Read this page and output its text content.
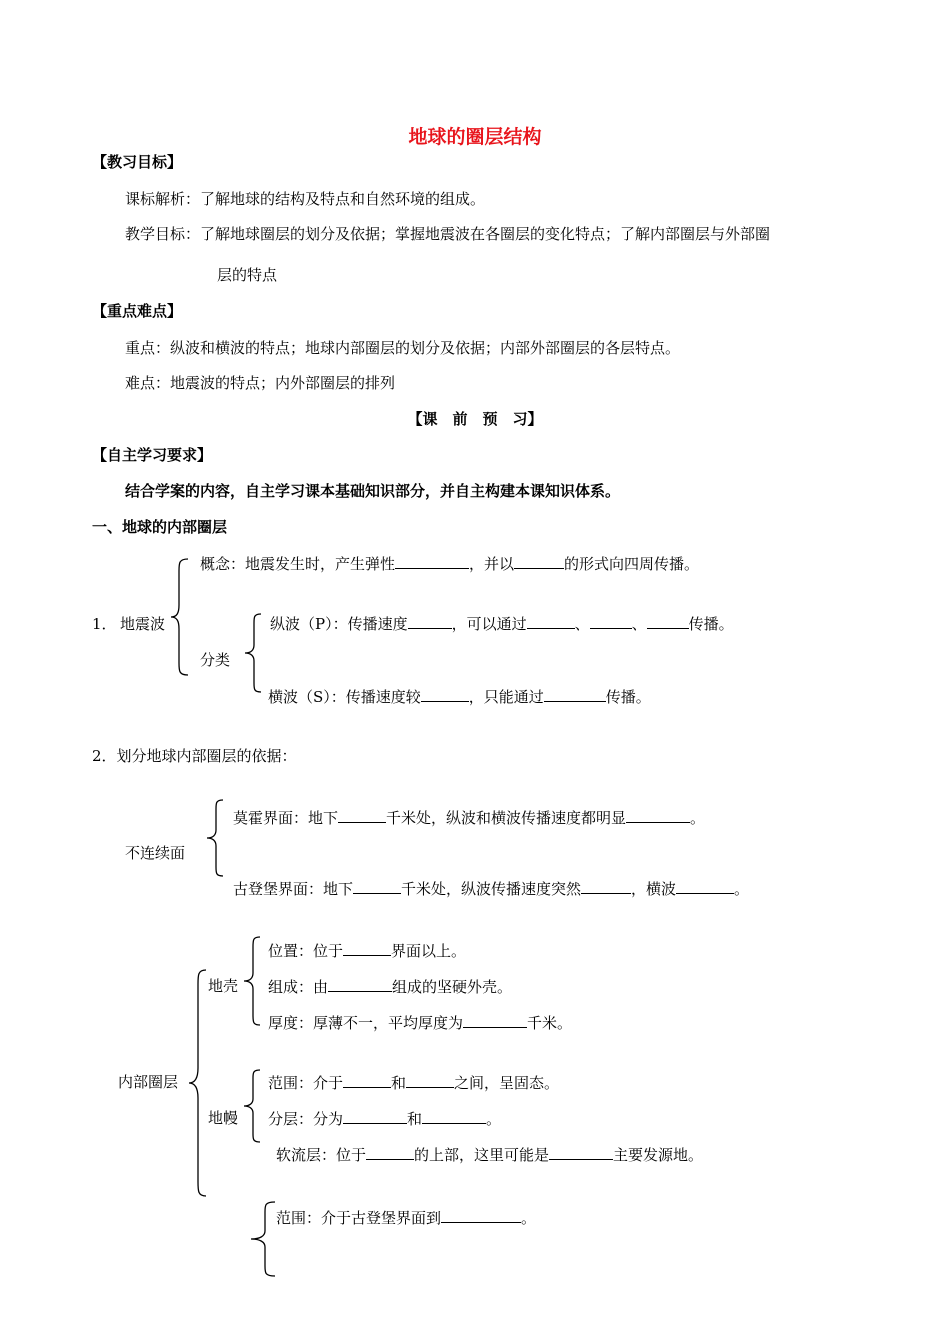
地球的圈层结构
【教习目标】
课标解析：了解地球的结构及特点和自然环境的组成。
教学目标：了解地球圈层的划分及依据；掌握地震波在各圈层的变化特点；了解内部圈层与外部圈
层的特点
【重点难点】
重点：纵波和横波的特点；地球内部圈层的划分及依据；内部外部圈层的各层特点。
难点：地震波的特点；内外部圈层的排列
【课　前　预　习】
【自主学习要求】
结合学案的内容，自主学习课本基础知识部分，并自主构建本课知识体系。
一、地球的内部圈层
1． 地震波
概念：地震发生时，产生弹性	，并以	的形式向四周传播。
分类
纵波（P）：传播速度	，可以通过	、	、	传播。
横波（S）：传播速度较	，只能通过	传播。
2．划分地球内部圈层的依据：
不连续面
莫霍界面：地下	千米处，纵波和横波传播速度都明显	。
古登堡界面：地下	千米处，纵波传播速度突然	，横波	。
内部圈层
地壳
位置：位于	界面以上。
组成：由	组成的坚硬外壳。
厚度：厚薄不一，平均厚度为	千米。
地幔
范围：介于	和	之间，呈固态。
分层：分为	和	。
软流层：位于	的上部，这里可能是	主要发源地。
范围：介于古登堡界面到	。
